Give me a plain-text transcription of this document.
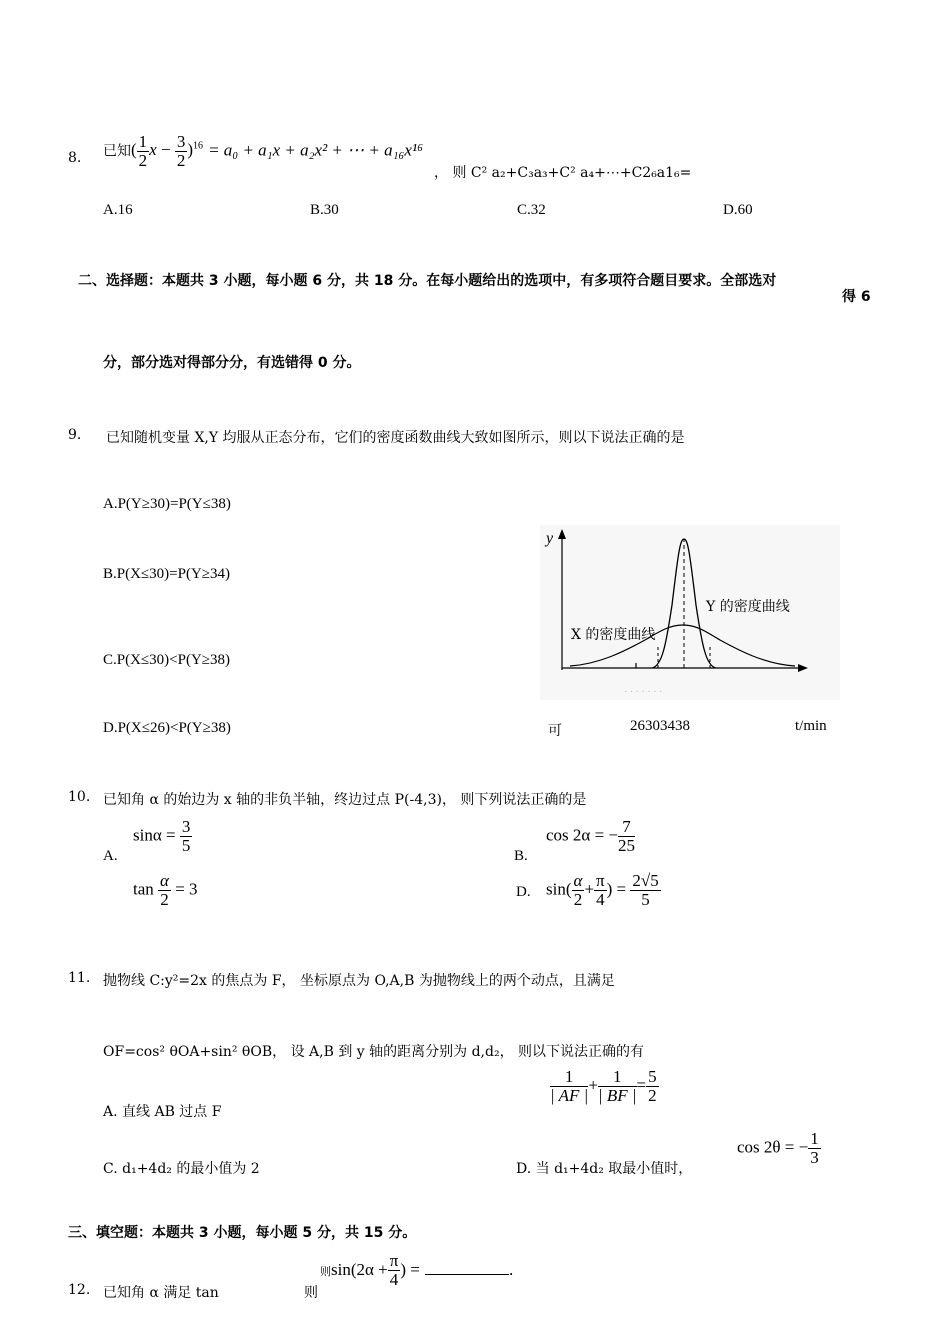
8. 已知( $\frac{1}{2}$ $x - \frac{3}{2} )^{16} = a_0 + a_1x + a_2x^2$ + ⋯ + a₁₆x¹⁶
， 则 C² a₂+C₃a₃+C² a₄+⋯+C2₆a1₆=
A.16	B.30	C.32	D.60
二、选择题：本题共 3 小题，每小题 6 分，共 18 分。在每小题给出的选项中，有多项符合题目要求。全部选对
得 6
分，部分选对得部分分，有选错得 0 分。
9. 已知随机变量 X,Y 均服从正态分布，它们的密度函数曲线大致如图所示，则以下说法正确的是
A.P(Y≥30)=P(Y≤38)
B.P(X≤30)=P(Y≥34)
C.P(X≤30)<P(Y≥38)
D.P(X≤26)<P(Y≥38)
· · · · · · ·
y
Y 的密度曲线
X 的密度曲线
可	26303438	t/min
10. 已知角 α 的始边为 x 轴的非负半轴，终边过点 P(-4,3)， 则下列说法正确的是
A.
$\sin\alpha = \frac{3}{5}$
B.
cos 2α = − $\frac{7}{25}$
$\tan \frac{\alpha}{2} = 3$	D. $\sin( \frac{\alpha}{2} + \frac{\pi}{4}$ ) = $\frac{2√5}{5}$
11. 抛物线 C:y²=2x 的焦点为 F， 坐标原点为 O,A,B 为抛物线上的两个动点，且满足
OF=cos² θOA+sin² θOB， 设 A,B 到 y 轴的距离分别为 d,d₂， 则以下说法正确的有
A. 直线 AB 过点 F
$\frac{1}{| AF |} + \frac{1}{| BF |} = \frac{5}{2}$
C. d₁+4d₂ 的最小值为 2	D. 当 d₁+4d₂ 取最小值时，
cos 2θ = − $\frac{1}{3}$
三、填空题：本题共 3 小题，每小题 5 分，共 15 分。
12. 已知角 α 满足 tan	则
则$\sin(2\alpha + \frac{\pi}{4}$ ) =	.
